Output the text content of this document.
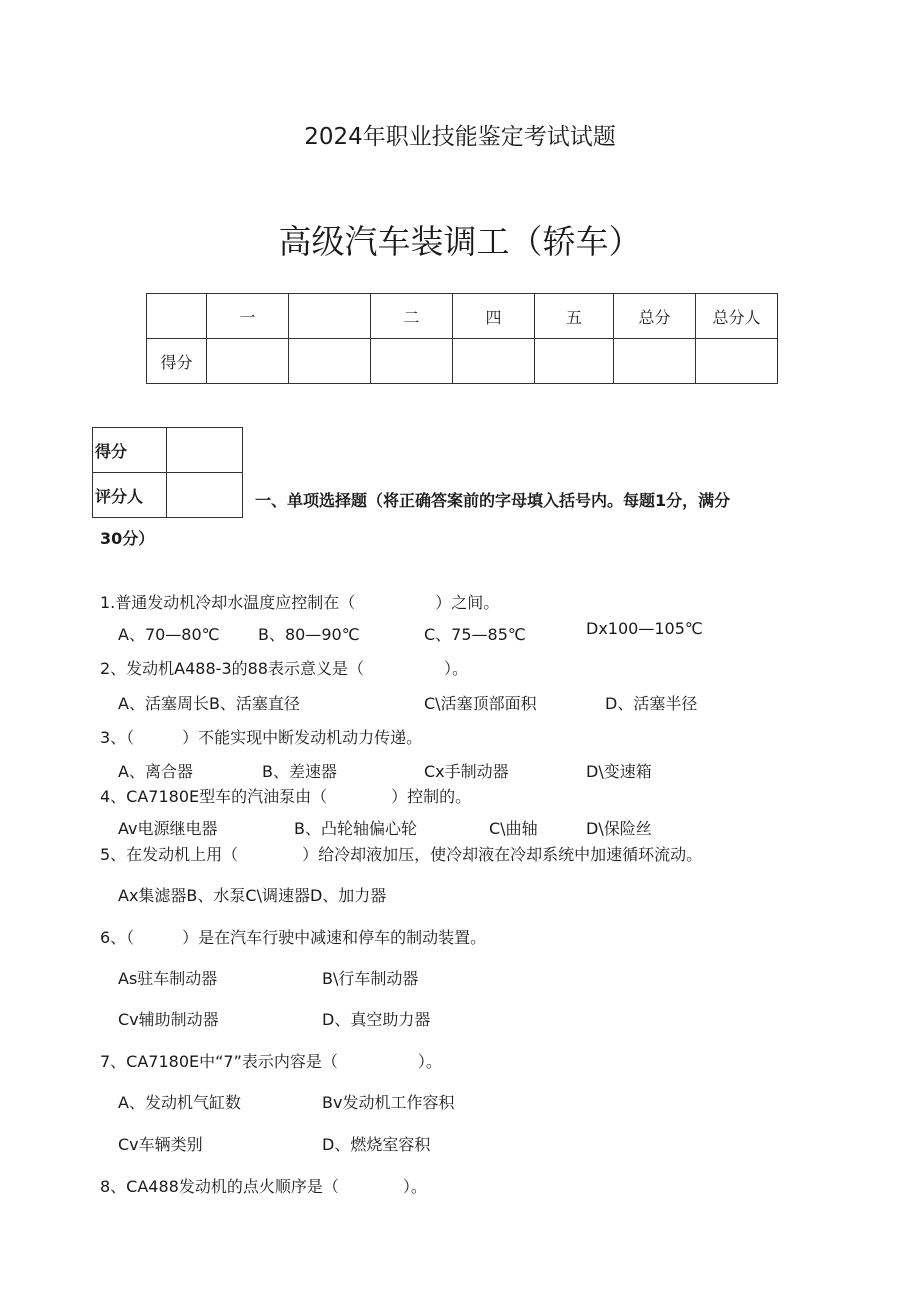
2024年职业技能鉴定考试试题
高级汽车装调工（轿车）
	一		二	四	五	总分	总分人
得分							
得分	
评分人		一、单项选择题（将正确答案前的字母填入括号内。每题1分，满分
30分）
1.普通发动机冷却水温度应控制在（　　　　　）之间。
A、70—80℃ B、80—90℃	C、75—85℃	Dx100—105℃
2、发动机A488-3的88表示意义是（　　　　　）。
A、活塞周长B、活塞直径	C\活塞顶部面积	D、活塞半径
3、（　　　）不能实现中断发动机动力传递。
A、离合器	B、差速器	Cx手制动器	D\变速箱
4、CA7180E型车的汽油泵由（　　　　）控制的。
Av电源继电器	B、凸轮轴偏心轮	C\曲轴	D\保险丝
5、在发动机上用（　　　　）给冷却液加压，使冷却液在冷却系统中加速循环流动。
Ax集滤器B、水泵C\调速器D、加力器
6、（　　　）是在汽车行驶中减速和停车的制动装置。
As驻车制动器	B\行车制动器
Cv辅助制动器	D、真空助力器
7、CA7180E中“7”表示内容是（　　　　　）。
A、发动机气缸数	Bv发动机工作容积
Cv车辆类别	D、燃烧室容积
8、CA488发动机的点火顺序是（　　　　）。
